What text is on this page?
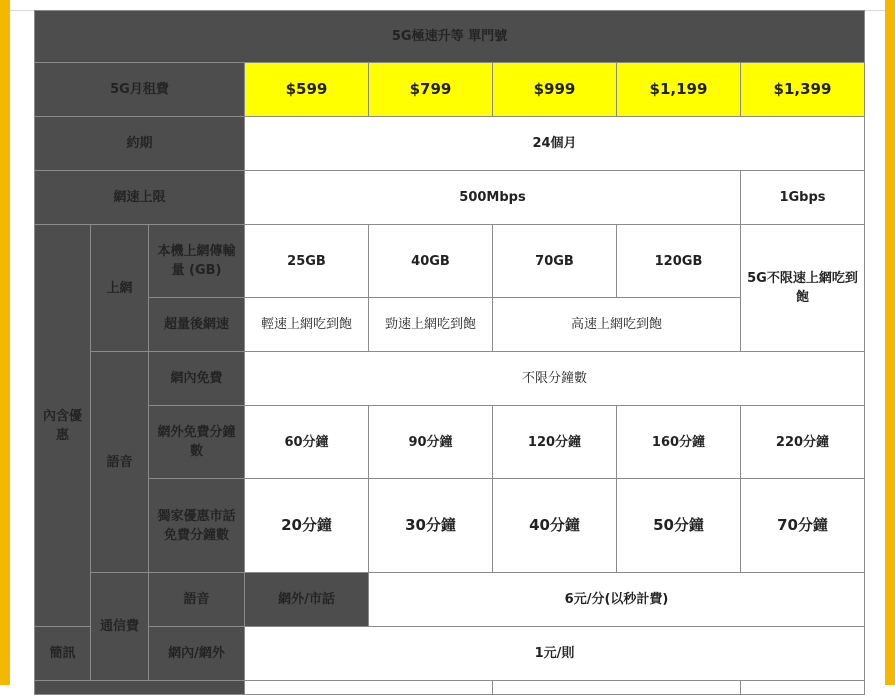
5G極速升等 單門號							
5G月租費			$599	$799	$999	$1,199	$1,399
約期			24個月				
網速上限			500Mbps				1Gbps
內含優惠	上網	本機上網傳輸量 (GB)	25GB	40GB	70GB	120GB	5G不限速上網吃到飽
		超量後網速	輕速上網吃到飽	勁速上網吃到飽	高速上網吃到飽		
	語音	網內免費	不限分鐘數				
		網外免費分鐘數	60分鐘	90分鐘	120分鐘	160分鐘	220分鐘
		獨家優惠市話免費分鐘數	20分鐘	30分鐘	40分鐘	50分鐘	70分鐘
	通信費	語音	網外/市話	6元/分(以秒計費)			
簡訊		網內/網外	1元/則				
